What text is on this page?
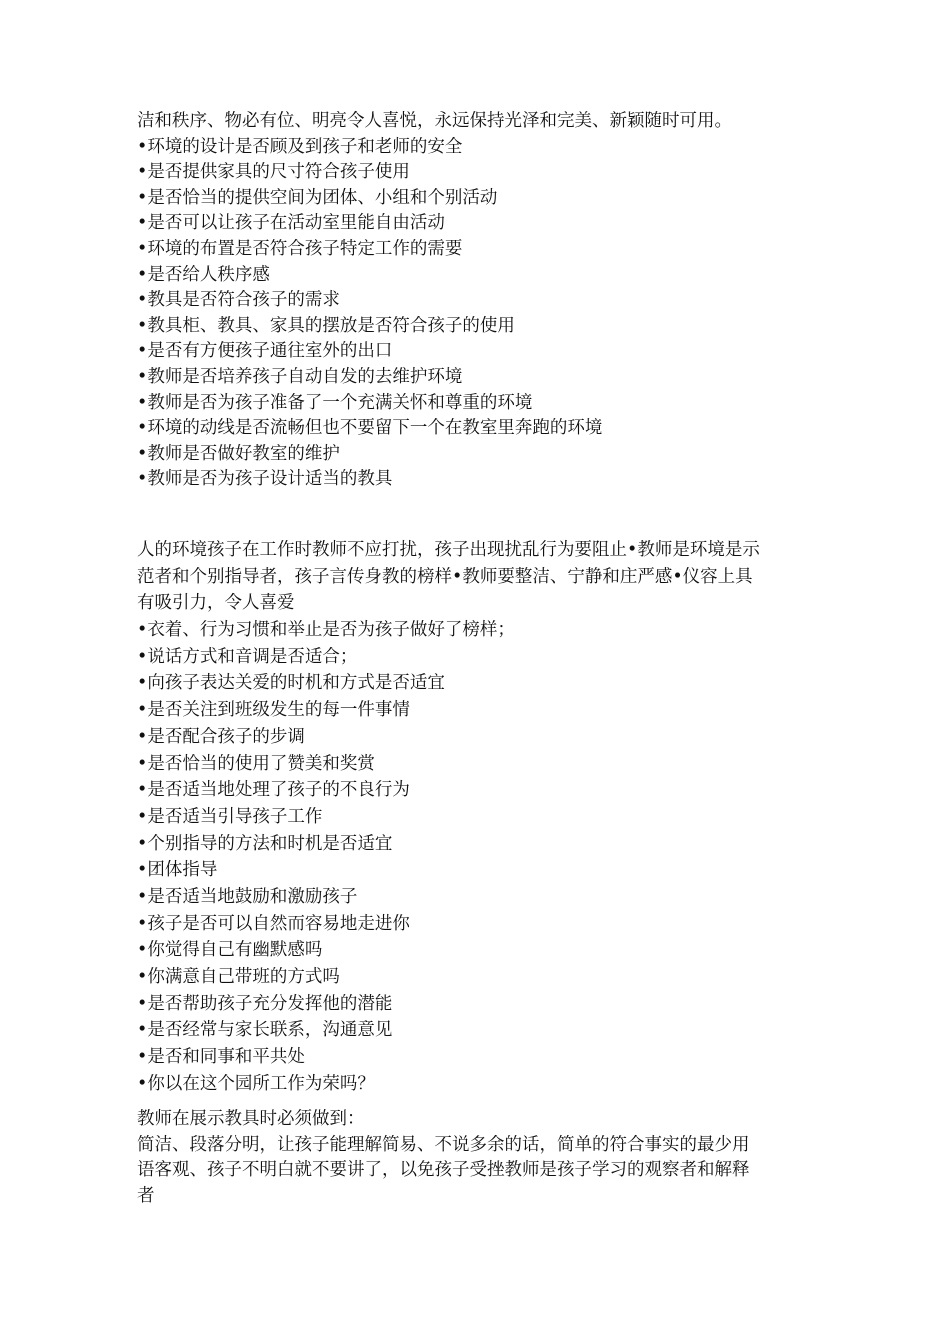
洁和秩序、物必有位、明亮令人喜悦，永远保持光泽和完美、新颖随时可用。
•环境的设计是否顾及到孩子和老师的安全
•是否提供家具的尺寸符合孩子使用
•是否恰当的提供空间为团体、小组和个别活动
•是否可以让孩子在活动室里能自由活动
•环境的布置是否符合孩子特定工作的需要
•是否给人秩序感
•教具是否符合孩子的需求
•教具柜、教具、家具的摆放是否符合孩子的使用
•是否有方便孩子通往室外的出口
•教师是否培养孩子自动自发的去维护环境
•教师是否为孩子准备了一个充满关怀和尊重的环境
•环境的动线是否流畅但也不要留下一个在教室里奔跑的环境
•教师是否做好教室的维护
•教师是否为孩子设计适当的教具
人的环境孩子在工作时教师不应打扰，孩子出现扰乱行为要阻止•教师是环境是示
范者和个别指导者，孩子言传身教的榜样•教师要整洁、宁静和庄严感•仪容上具
有吸引力，令人喜爱
•衣着、行为习惯和举止是否为孩子做好了榜样；
•说话方式和音调是否适合；
•向孩子表达关爱的时机和方式是否适宜
•是否关注到班级发生的每一件事情
•是否配合孩子的步调
•是否恰当的使用了赞美和奖赏
•是否适当地处理了孩子的不良行为
•是否适当引导孩子工作
•个别指导的方法和时机是否适宜
•团体指导
•是否适当地鼓励和激励孩子
•孩子是否可以自然而容易地走进你
•你觉得自己有幽默感吗
•你满意自己带班的方式吗
•是否帮助孩子充分发挥他的潜能
•是否经常与家长联系，沟通意见
•是否和同事和平共处
•你以在这个园所工作为荣吗？
教师在展示教具时必须做到：
简洁、段落分明，让孩子能理解简易、不说多余的话，简单的符合事实的最少用
语客观、孩子不明白就不要讲了，以免孩子受挫教师是孩子学习的观察者和解释
者
